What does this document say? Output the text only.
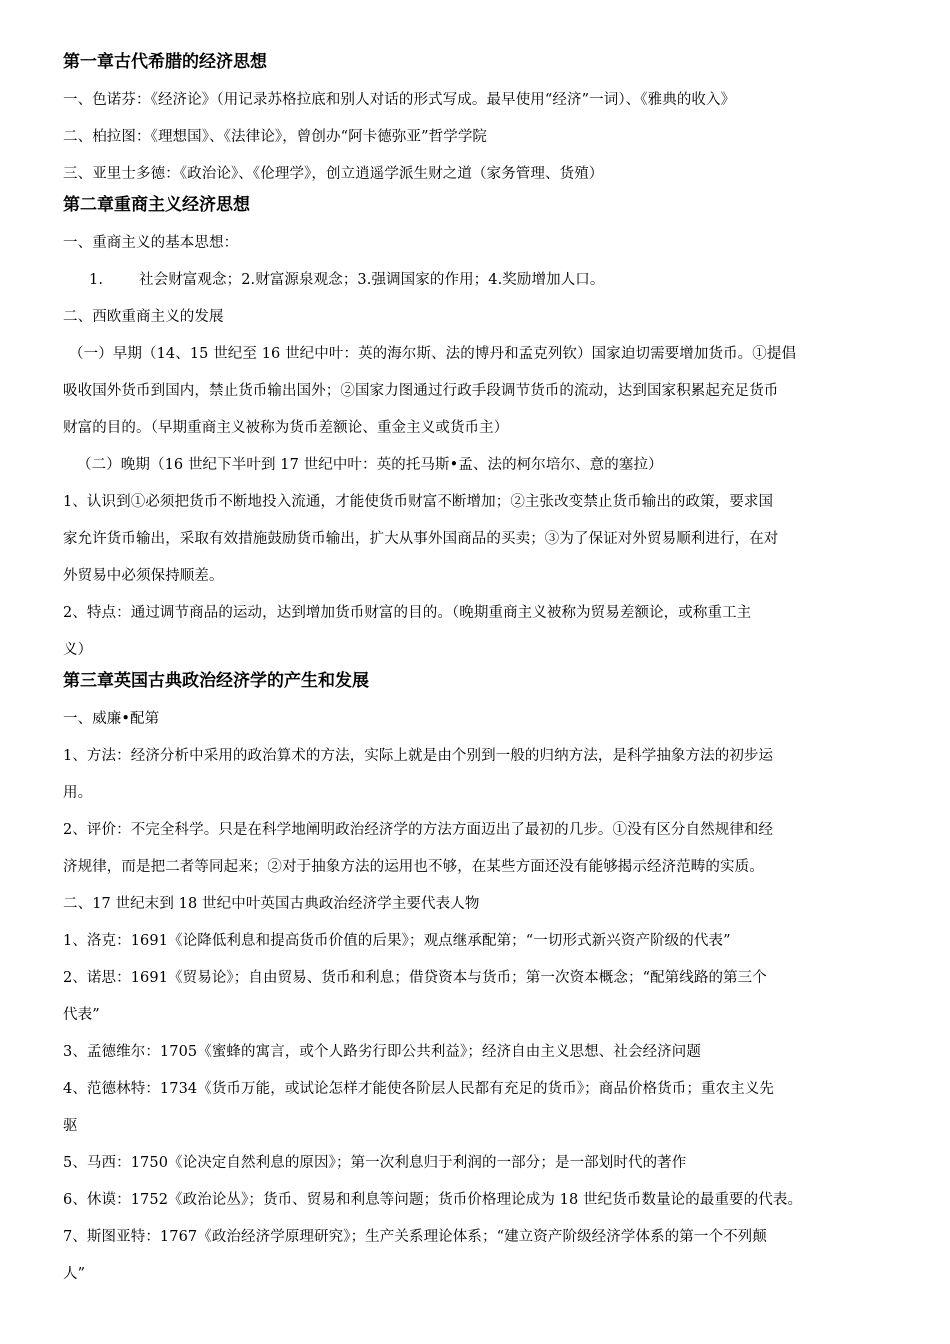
第一章古代希腊的经济思想
一、色诺芬：《经济论》（用记录苏格拉底和别人对话的形式写成。最早使用“经济”一词）、《雅典的收入》
二、柏拉图：《理想国》、《法律论》，曾创办“阿卡德弥亚”哲学学院
三、亚里士多德：《政治论》、《伦理学》，创立逍遥学派生财之道（家务管理、货殖）
第二章重商主义经济思想
一、重商主义的基本思想：
1. 社会财富观念；2.财富源泉观念；3.强调国家的作用；4.奖励增加人口。
二、西欧重商主义的发展
（一）早期（14、15 世纪至 16 世纪中叶：英的海尔斯、法的博丹和孟克列钦）国家迫切需要增加货币。①提倡
吸收国外货币到国内，禁止货币输出国外；②国家力图通过行政手段调节货币的流动，达到国家积累起充足货币
财富的目的。（早期重商主义被称为货币差额论、重金主义或货币主）
（二）晚期（16 世纪下半叶到 17 世纪中叶：英的托马斯•孟、法的柯尔培尔、意的塞拉）
1、认识到①必须把货币不断地投入流通，才能使货币财富不断增加；②主张改变禁止货币输出的政策，要求国
家允许货币输出，采取有效措施鼓励货币输出，扩大从事外国商品的买卖；③为了保证对外贸易顺利进行，在对
外贸易中必须保持顺差。
2、特点：通过调节商品的运动，达到增加货币财富的目的。（晚期重商主义被称为贸易差额论，或称重工主
义）
第三章英国古典政治经济学的产生和发展
一、威廉•配第
1、方法：经济分析中采用的政治算术的方法，实际上就是由个别到一般的归纳方法，是科学抽象方法的初步运
用。
2、评价：不完全科学。只是在科学地阐明政治经济学的方法方面迈出了最初的几步。①没有区分自然规律和经
济规律，而是把二者等同起来；②对于抽象方法的运用也不够，在某些方面还没有能够揭示经济范畴的实质。
二、17 世纪末到 18 世纪中叶英国古典政治经济学主要代表人物
1、洛克：1691《论降低利息和提高货币价值的后果》；观点继承配第；“一切形式新兴资产阶级的代表”
2、诺思：1691《贸易论》；自由贸易、货币和利息；借贷资本与货币；第一次资本概念；“配第线路的第三个
代表”
3、孟德维尔：1705《蜜蜂的寓言，或个人路劣行即公共利益》；经济自由主义思想、社会经济问题
4、范德林特：1734《货币万能，或试论怎样才能使各阶层人民都有充足的货币》；商品价格货币；重农主义先
驱
5、马西：1750《论决定自然利息的原因》；第一次利息归于利润的一部分；是一部划时代的著作
6、休谟：1752《政治论丛》；货币、贸易和利息等问题；货币价格理论成为 18 世纪货币数量论的最重要的代表。
7、斯图亚特：1767《政治经济学原理研究》；生产关系理论体系；“建立资产阶级经济学体系的第一个不列颠
人”
